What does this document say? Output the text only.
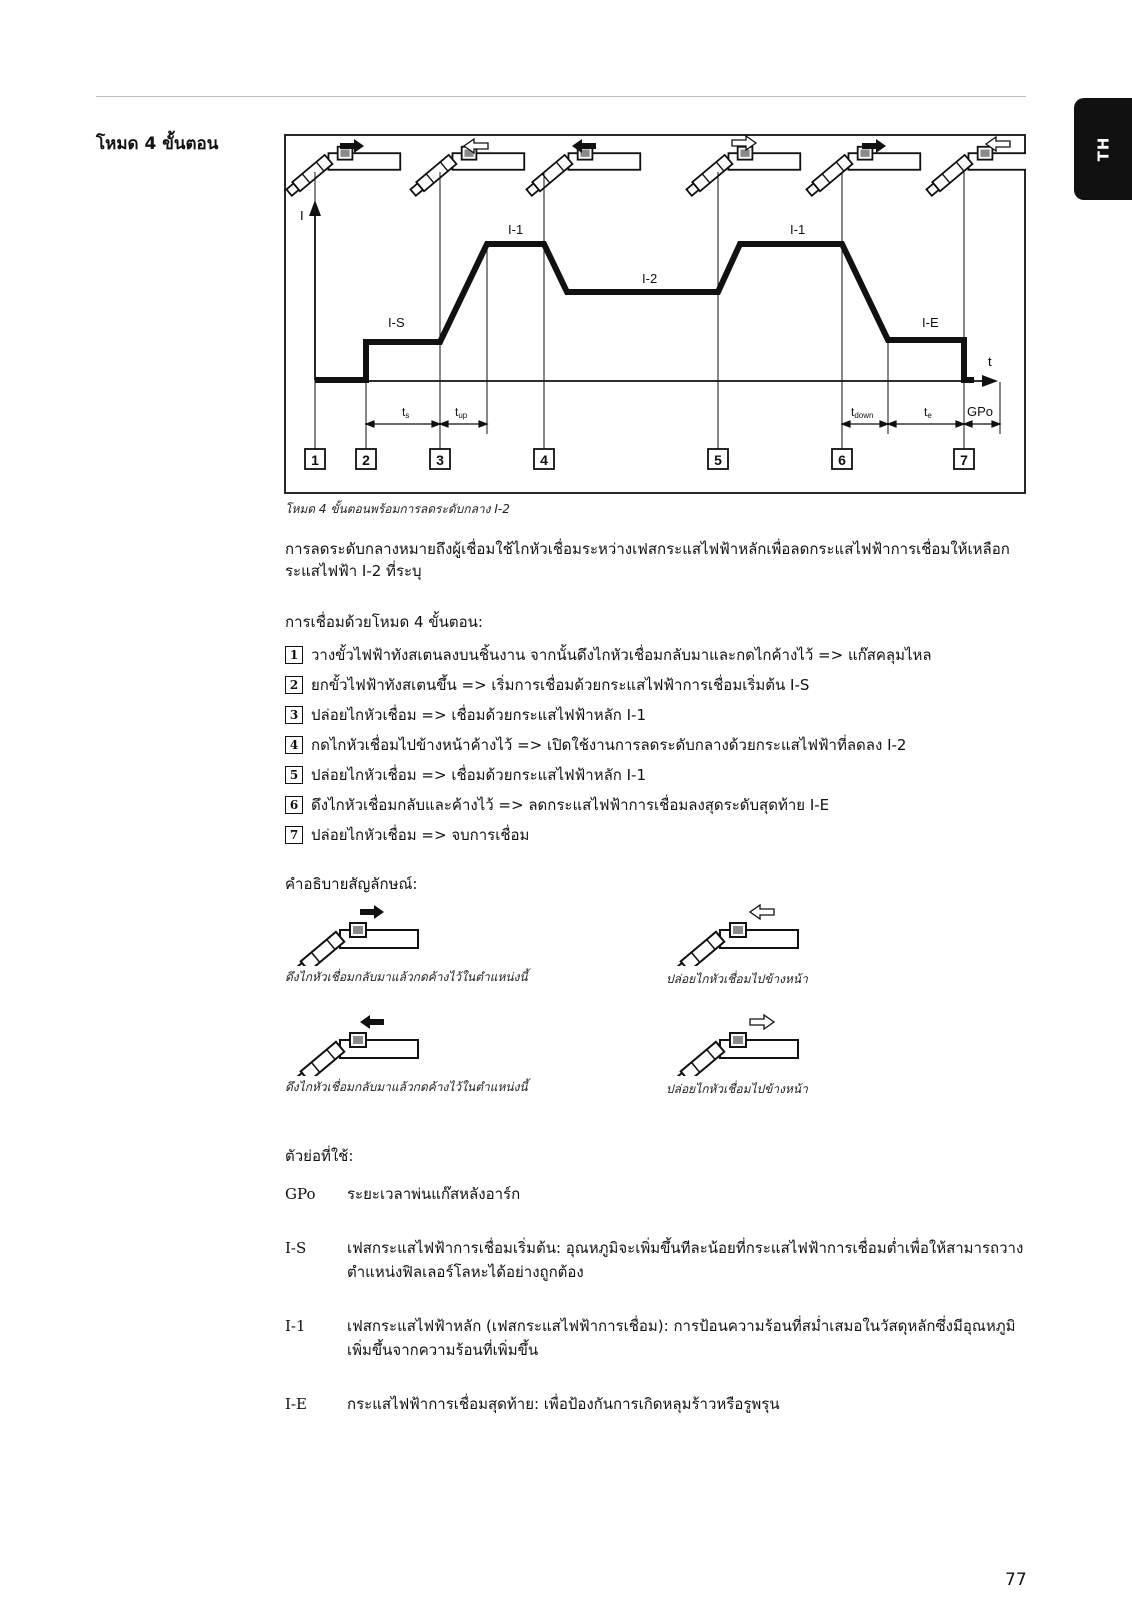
TH
โหมด 4 ขั้นตอน
I
t
I-S
I-1
I-2
I-1
I-E
ts	tup	tdown	te	GPo
1	2	3	4	5	6	7
โหมด 4 ขั้นตอนพร้อมการลดระดับกลาง I-2

การลดระดับกลางหมายถึงผู้เชื่อมใช้ไกหัวเชื่อมระหว่างเฟสกระแสไฟฟ้าหลักเพื่อลดกระแสไฟฟ้าการเชื่อมให้เหลือกระแสไฟฟ้า I-2 ที่ระบุ

การเชื่อมด้วยโหมด 4 ขั้นตอน:
1 วางขั้วไฟฟ้าทังสเตนลงบนชิ้นงาน จากนั้นดึงไกหัวเชื่อมกลับมาและกดไกค้างไว้ => แก๊สคลุมไหล
2 ยกขั้วไฟฟ้าทังสเตนขึ้น => เริ่มการเชื่อมด้วยกระแสไฟฟ้าการเชื่อมเริ่มต้น I-S
3 ปล่อยไกหัวเชื่อม => เชื่อมด้วยกระแสไฟฟ้าหลัก I-1
4 กดไกหัวเชื่อมไปข้างหน้าค้างไว้ => เปิดใช้งานการลดระดับกลางด้วยกระแสไฟฟ้าที่ลดลง I-2
5 ปล่อยไกหัวเชื่อม => เชื่อมด้วยกระแสไฟฟ้าหลัก I-1
6 ดึงไกหัวเชื่อมกลับและค้างไว้ => ลดกระแสไฟฟ้าการเชื่อมลงสุดระดับสุดท้าย I-E
7 ปล่อยไกหัวเชื่อม => จบการเชื่อม
คำอธิบายสัญลักษณ์:
ดึงไกหัวเชื่อมกลับมาแล้วกดค้างไว้ในตำแหน่งนี้	ปล่อยไกหัวเชื่อมไปข้างหน้า
ดึงไกหัวเชื่อมกลับมาแล้วกดค้างไว้ในตำแหน่งนี้	ปล่อยไกหัวเชื่อมไปข้างหน้า
ตัวย่อที่ใช้:
GPo	ระยะเวลาพ่นแก๊สหลังอาร์ก
I-S	เฟสกระแสไฟฟ้าการเชื่อมเริ่มต้น: อุณหภูมิจะเพิ่มขึ้นทีละน้อยที่กระแสไฟฟ้าการเชื่อมต่ำเพื่อให้สามารถวางตำแหน่งฟิลเลอร์โลหะได้อย่างถูกต้อง
I-1	เฟสกระแสไฟฟ้าหลัก (เฟสกระแสไฟฟ้าการเชื่อม): การป้อนความร้อนที่สม่ำเสมอในวัสดุหลักซึ่งมีอุณหภูมิเพิ่มขึ้นจากความร้อนที่เพิ่มขึ้น
I-E	กระแสไฟฟ้าการเชื่อมสุดท้าย: เพื่อป้องกันการเกิดหลุมร้าวหรือรูพรุน
77
